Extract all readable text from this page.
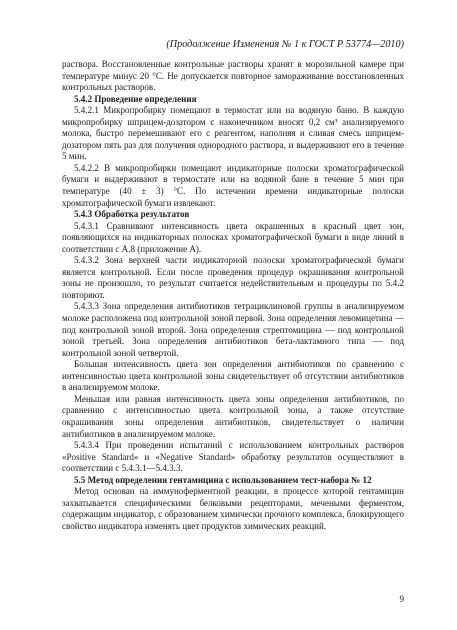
(Продолжение Изменения № 1 к ГОСТ Р 53774—2010)

раствора. Восстановленные контрольные растворы хранят в морозильной камере при температуре минус 20 °С. Не допускается повторное замораживание восстановленных контрольных растворов.

5.4.2 Проведение определения

5.4.2.1 Микропробирку помещают в термостат или на водяную баню. В каждую микропробирку шприцем-дозатором с наконечником вносят 0,2 см³ анализируемого молока, быстро перемешивают его с реагентом, наполняя и сливая смесь шприцем-дозатором пять раз для получения однородного раствора, и выдерживают его в течение 5 мин.

5.4.2.2 В микропробирки помещают индикаторные полоски хроматографической бумаги и выдерживают в термостате или на водяной бане в течение 5 мин при температуре (40 ± 3) °С. По истечении времени индикаторные полоски хроматографической бумаги извлекают.

5.4.3 Обработка результатов

5.4.3.1 Сравнивают интенсивность цвета окрашенных в красный цвет зон, появляющихся на индикаторных полосках хроматографической бумаги в виде линий в соответствии с А.8 (приложение А).

5.4.3.2 Зона верхней части индикаторной полоски хроматографической бумаги является контрольной. Если после проведения процедур окрашивания контрольной зоны не произошло, то результат считается недействительным и процедуры по 5.4.2 повторяют.

5.4.3.3 Зона определения антибиотиков тетрациклиновой группы в анализируемом молоке расположена под контрольной зоной первой. Зона определения левомицетина — под контрольной зоной второй. Зона определения стрептомицина — под контрольной зоной третьей. Зона определения антибиотиков бета-лактамного типа — под контрольной зоной четвертой.

Большая интенсивность цвета зон определения антибиотиков по сравнению с интенсивностью цвета контрольной зоны свидетельствует об отсутствии антибиотиков в анализируемом молоке.

Меньшая или равная интенсивность цвета зоны определения антибиотиков, по сравнению с интенсивностью цвета контрольной зоны, а также отсутствие окрашивания зоны определения антибиотиков, свидетельствует о наличии антибиотиков в анализируемом молоке.

5.4.3.4 При проведении испытаний с использованием контрольных растворов «Positive Standard» и «Negative Standard» обработку результатов осуществляют в соответствии с 5.4.3.1—5.4.3.3.

5.5 Метод определения гентамицина с использованием тест-набора № 12

Метод основан на иммуноферментной реакции, в процессе которой гентамицин захватывается специфическими белковыми рецепторами, мечеными ферментом, содержащим индикатор, с образованием химически прочного комплекса, блокирующего свойство индикатора изменять цвет продуктов химических реакций.

9
